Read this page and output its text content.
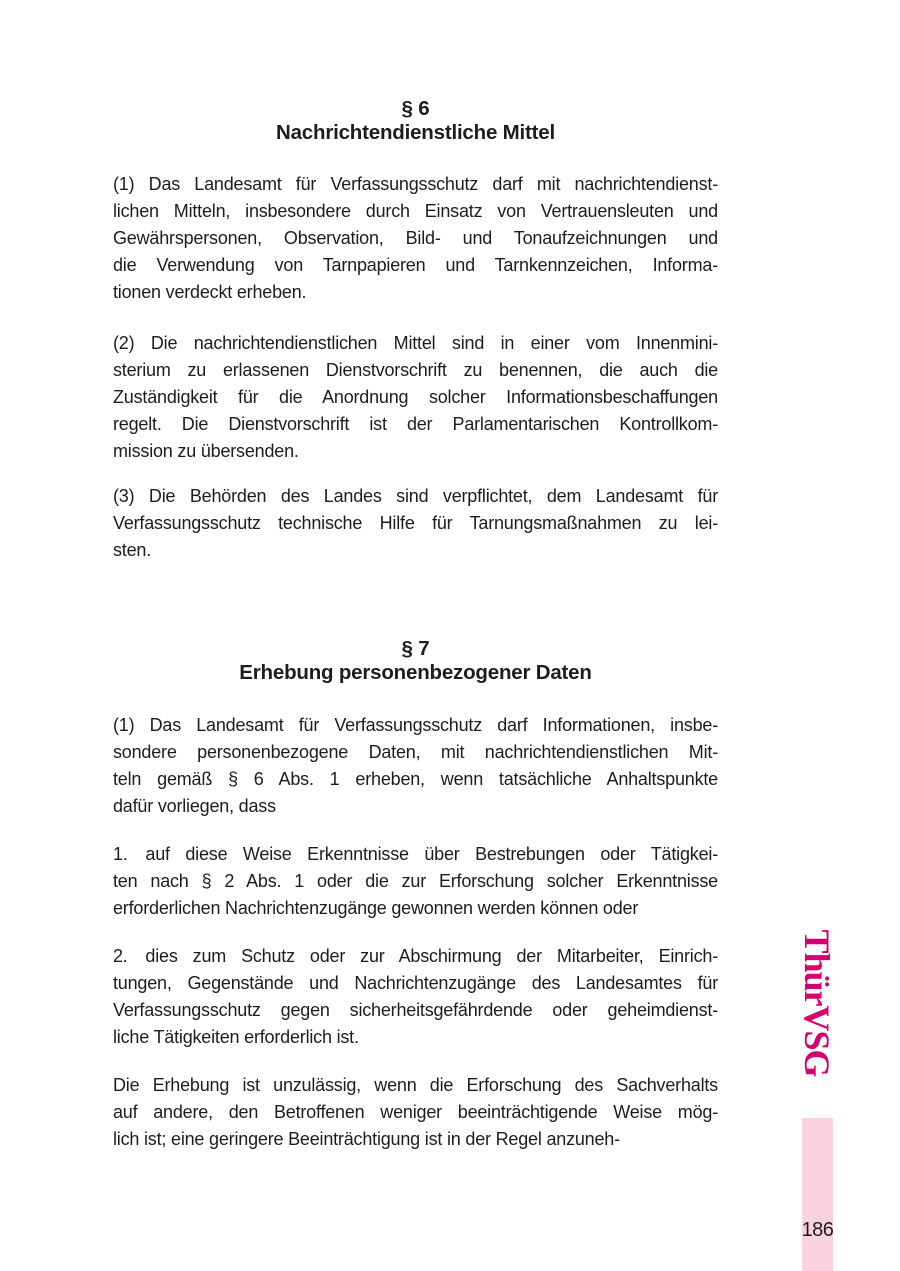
§ 6
Nachrichtendienstliche Mittel
(1) Das Landesamt für Verfassungsschutz darf mit nachrichtendienst-
lichen Mitteln, insbesondere durch Einsatz von Vertrauensleuten und
Gewährspersonen, Observation, Bild- und Tonaufzeichnungen und
die Verwendung von Tarnpapieren und Tarnkennzeichen, Informa-
tionen verdeckt erheben.
(2) Die nachrichtendienstlichen Mittel sind in einer vom Innenmini-
sterium zu erlassenen Dienstvorschrift zu benennen, die auch die
Zuständigkeit für die Anordnung solcher Informationsbeschaffungen
regelt. Die Dienstvorschrift ist der Parlamentarischen Kontrollkom-
mission zu übersenden.
(3) Die Behörden des Landes sind verpflichtet, dem Landesamt für
Verfassungsschutz technische Hilfe für Tarnungsmaßnahmen zu lei-
sten.
§ 7
Erhebung personenbezogener Daten
(1) Das Landesamt für Verfassungsschutz darf Informationen, insbe-
sondere personenbezogene Daten, mit nachrichtendienstlichen Mit-
teln gemäß § 6 Abs. 1 erheben, wenn tatsächliche Anhaltspunkte
dafür vorliegen, dass
1. auf diese Weise Erkenntnisse über Bestrebungen oder Tätigkei-
ten nach § 2 Abs. 1 oder die zur Erforschung solcher Erkenntnisse
erforderlichen Nachrichtenzugänge gewonnen werden können oder
2. dies zum Schutz oder zur Abschirmung der Mitarbeiter, Einrich-
tungen, Gegenstände und Nachrichtenzugänge des Landesamtes für
Verfassungsschutz gegen sicherheitsgefährdende oder geheimdienst-
liche Tätigkeiten erforderlich ist.
Die Erhebung ist unzulässig, wenn die Erforschung des Sachverhalts
auf andere, den Betroffenen weniger beeinträchtigende Weise mög-
lich ist; eine geringere Beeinträchtigung ist in der Regel anzuneh-
ThürVSG
186
